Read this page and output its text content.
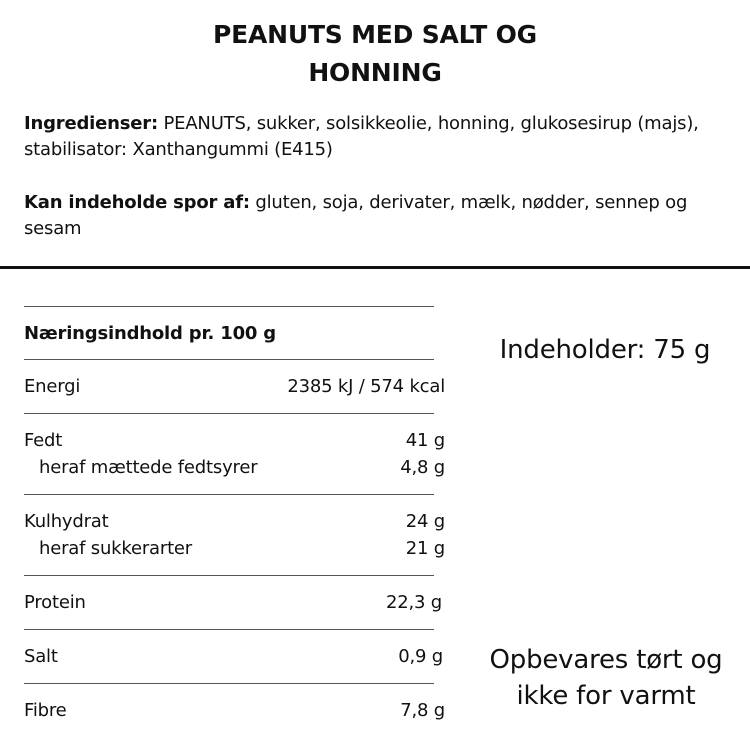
PEANUTS MED SALT OG
HONNING
Ingredienser: PEANUTS, sukker, solsikkeolie, honning, glukosesirup (majs), stabilisator: Xanthangummi (E415)
Kan indeholde spor af: gluten, soja, derivater, mælk, nødder, sennep og sesam
Næringsindhold pr. 100 g
Energi	2385 kJ / 574 kcal
Fedt	41 g
heraf mættede fedtsyrer	4,8 g
Kulhydrat	24 g
heraf sukkerarter	21 g
Protein	22,3 g
Salt	0,9 g
Fibre	7,8 g
Indeholder: 75 g
Opbevares tørt og
ikke for varmt
